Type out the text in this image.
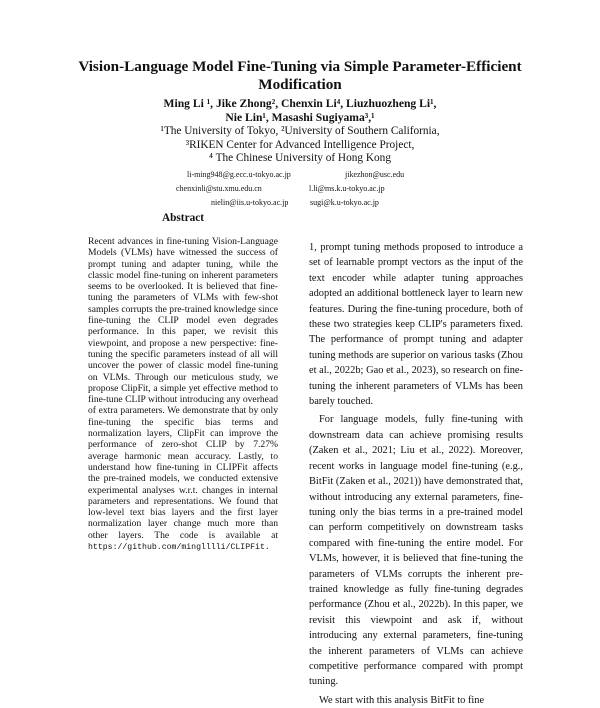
Vision-Language Model Fine-Tuning via Simple Parameter-Efficient Modification
Ming Li ¹, Jike Zhong², Chenxin Li⁴, Liuzhuozheng Li¹,
Nie Lin¹, Masashi Sugiyama³,¹
¹The University of Tokyo, ²University of Southern California,
³RIKEN Center for Advanced Intelligence Project,
⁴ The Chinese University of Hong Kong
li-ming948@g.ecc.u-tokyo.ac.jp	jikezhon@usc.edu
chenxinli@stu.xmu.edu.cn	l.li@ms.k.u-tokyo.ac.jp
nielin@iis.u-tokyo.ac.jp	sugi@k.u-tokyo.ac.jp
Abstract
Recent advances in fine-tuning Vision-Language Models (VLMs) have witnessed the success of prompt tuning and adapter tuning, while the classic model fine-tuning on inherent parameters seems to be overlooked. It is believed that fine-tuning the parameters of VLMs with few-shot samples corrupts the pre-trained knowledge since fine-tuning the CLIP model even degrades performance. In this paper, we revisit this viewpoint, and propose a new perspective: fine-tuning the specific parameters instead of all will uncover the power of classic model fine-tuning on VLMs. Through our meticulous study, we propose ClipFit, a simple yet effective method to fine-tune CLIP without introducing any overhead of extra parameters. We demonstrate that by only fine-tuning the specific bias terms and normalization layers, ClipFit can improve the performance of zero-shot CLIP by 7.27% average harmonic mean accuracy. Lastly, to understand how fine-tuning in CLIPFit affects the pre-trained models, we conducted extensive experimental analyses w.r.t. changes in internal parameters and representations. We found that low-level text bias layers and the first layer normalization layer change much more than other layers. The code is available at https://github.com/minglllli/CLIPFit.

1, prompt tuning methods proposed to introduce a set of learnable prompt vectors as the input of the text encoder while adapter tuning approaches adopted an additional bottleneck layer to learn new features. During the fine-tuning procedure, both of these two strategies keep CLIP's parameters fixed. The performance of prompt tuning and adapter tuning methods are superior on various tasks (Zhou et al., 2022b; Gao et al., 2023), so research on fine-tuning the inherent parameters of VLMs has been barely touched.

For language models, fully fine-tuning with downstream data can achieve promising results (Zaken et al., 2021; Liu et al., 2022). Moreover, recent works in language model fine-tuning (e.g., BitFit (Zaken et al., 2021)) have demonstrated that, without introducing any external parameters, fine-tuning only the bias terms in a pre-trained model can perform competitively on downstream tasks compared with fine-tuning the entire model. For VLMs, however, it is believed that fine-tuning the parameters of VLMs corrupts the inherent pre-trained knowledge as fully fine-tuning degrades performance (Zhou et al., 2022b). In this paper, we revisit this viewpoint and ask if, without introducing any external parameters, fine-tuning the inherent parameters of VLMs can achieve competitive performance compared with prompt tuning.

We start with this analysis BitFit to fine
